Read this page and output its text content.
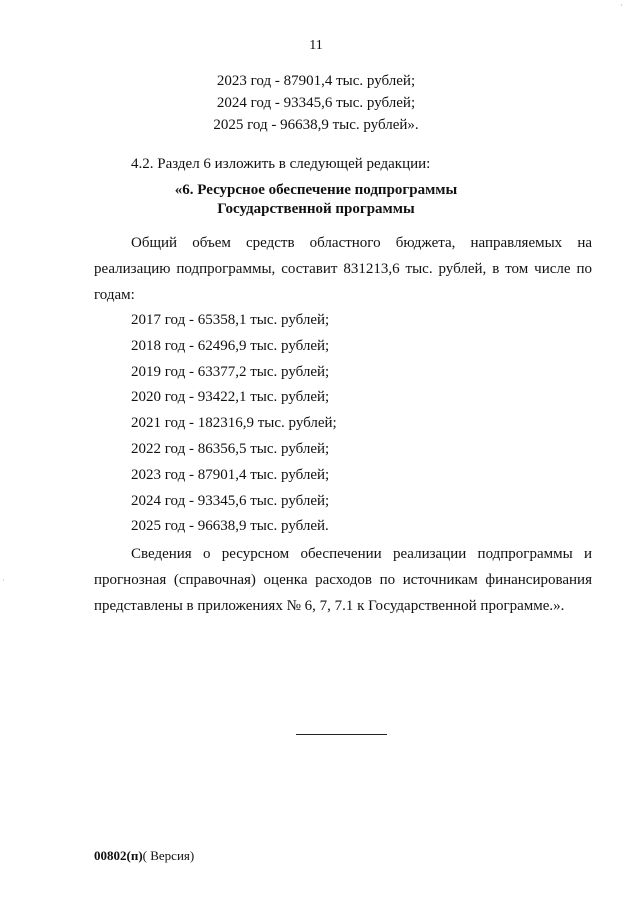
·
·
11
2023 год - 87901,4 тыс. рублей;
2024 год - 93345,6 тыс. рублей;
2025 год - 96638,9 тыс. рублей».
4.2. Раздел 6 изложить в следующей редакции:
«6. Ресурсное обеспечение подпрограммы
Государственной программы
Общий объем средств областного бюджета, направляемых на
реализацию подпрограммы, составит 831213,6 тыс. рублей, в том числе по
годам:
2017 год - 65358,1 тыс. рублей;
2018 год - 62496,9 тыс. рублей;
2019 год - 63377,2 тыс. рублей;
2020 год - 93422,1 тыс. рублей;
2021 год - 182316,9 тыс. рублей;
2022 год - 86356,5 тыс. рублей;
2023 год - 87901,4 тыс. рублей;
2024 год - 93345,6 тыс. рублей;
2025 год - 96638,9 тыс. рублей.
Сведения о ресурсном обеспечении реализации подпрограммы и
прогнозная (справочная) оценка расходов по источникам финансирования
представлены в приложениях № 6, 7, 7.1 к Государственной программе.».
00802(п)( Версия)
